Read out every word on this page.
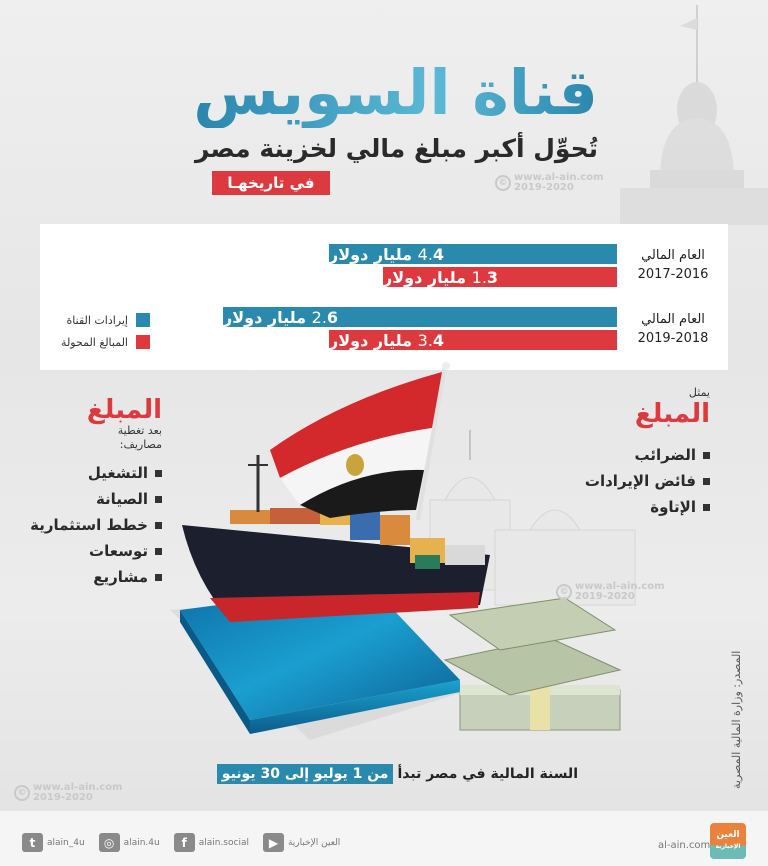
قناة السويس
تُحوِّل أكبر مبلغ مالي لخزينة مصر
في تاريخهـا	© www.al-ain.com
2019-2020
العام المالي
2017-2016
4
.4

مليار دولار
3
.1

مليار دولار
العام المالي
2019-2018
6
.2

مليار دولار
4
.3

مليار دولار
إيرادات القناة
المبالغ المحولة
يمثل
المبلغ
الضرائب
فائض الإيرادات
الإتاوة
المبلغ
بعد تغطية
مصاريف:
التشغيل
الصيانة
خطط استثمارية
توسعات
مشاريع
© www.al-ain.com
2019-2020
السنة المالية في مصر تبدأ
من 1 يوليو إلى 30 يونيو
© www.al-ain.com
2019-2020
المصدر: وزارة المالية المصرية
t	alain_4u	◎	alain.4u	f	alain.social	▶	العين الإخبارية	al-ain.com
العين
الإخبارية
